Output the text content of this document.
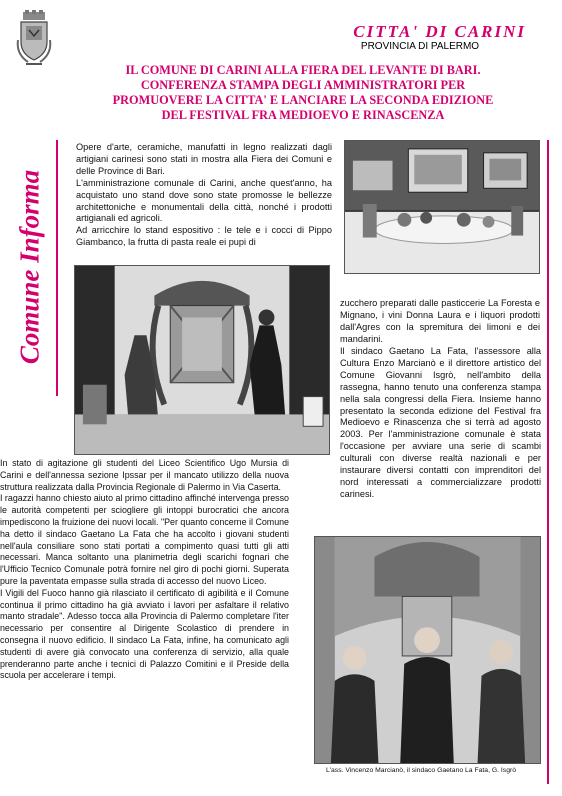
CITTA' DI CARINI
PROVINCIA DI PALERMO
IL COMUNE DI CARINI ALLA FIERA DEL LEVANTE DI BARI.
CONFERENZA STAMPA DEGLI AMMINISTRATORI PER
PROMUOVERE LA CITTA' E LANCIARE LA SECONDA EDIZIONE
DEL FESTIVAL FRA MEDIOEVO E RINASCENZA
Comune Informa

Opere d'arte, ceramiche, manufatti in legno realizzati dagli artigiani carinesi sono stati in mostra alla Fiera dei Comuni e delle Province di Bari.

L'amministrazione comunale di Carini, anche quest'anno, ha acquistato uno stand dove sono state promosse le bellezze architettoniche e monumentali della città, nonché i prodotti artigianali ed agricoli.

Ad arricchire lo stand espositivo : le tele e i cocci di Pippo Giambanco, la frutta di pasta reale ei pupi di

zucchero preparati dalle pasticcerie La Foresta e Mignano, i vini Donna Laura e i liquori prodotti dall'Agres con la spremitura dei limoni e dei mandarini.

Il sindaco Gaetano La Fata, l'assessore alla Cultura Enzo Marcianò e il direttore artistico del Comune Giovanni Isgrò, nell'ambito della rassegna, hanno tenuto una conferenza stampa nella sala congressi della Fiera. Insieme hanno presentato la seconda edizione del Festival fra Medioevo e Rinascenza che si terrà ad agosto 2003. Per l'amministrazione comunale è stata l'occasione per avviare una serie di scambi culturali con diverse realtà nazionali e per instaurare diversi contatti con imprenditori del nord interessati a commercializzare prodotti carinesi.

In stato di agitazione gli studenti del Liceo Scientifico Ugo Mursia di Carini e dell'annessa sezione Ipssar per il mancato utilizzo della nuova struttura realizzata dalla Provincia Regionale di Palermo in Via Caserta.

I ragazzi hanno chiesto aiuto al primo cittadino affinché intervenga presso le autorità competenti per sciogliere gli intoppi burocratici che ancora impediscono la fruizione dei nuovi locali. "Per quanto concerne il Comune ha detto il sindaco Gaetano La Fata che ha accolto i giovani studenti nell'aula consiliare sono stati portati a compimento quasi tutti gli atti necessari. Manca soltanto una planimetria degli scarichi fognari che l'Ufficio Tecnico Comunale potrà fornire nel giro di pochi giorni. Superata pure la paventata empasse sulla strada di accesso del nuovo Liceo.

I Vigili del Fuoco hanno già rilasciato il certificato di agibilità e il Comune continua il primo cittadino ha già avviato i lavori per asfaltare il relativo manto stradale". Adesso tocca alla Provincia di Palermo completare l'iter necessario per consentire al Dirigente Scolastico di prendere in consegna il nuovo edificio. Il sindaco La Fata, infine, ha comunicato agli studenti di avere già convocato una conferenza di servizio, alla quale prenderanno parte anche i tecnici di Palazzo Comitini e il Preside della scuola per accelerare i tempi.

L'ass. Vincenzo Marcianò, il sindaco Gaetano La Fata, G. Isgrò
